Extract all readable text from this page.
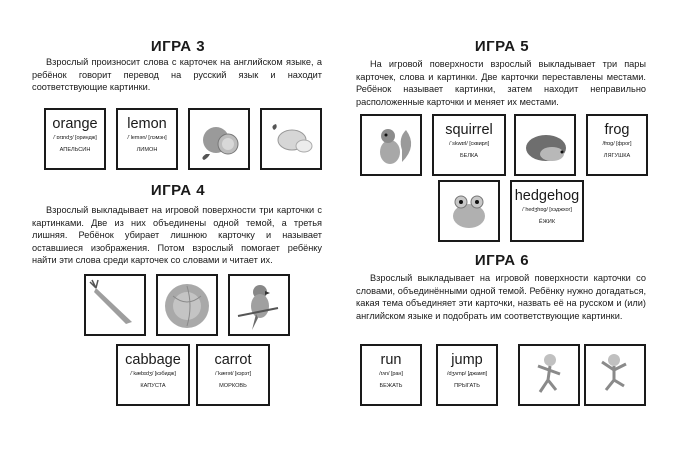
ИГРА 3
Взрослый произносит слова с карточек на английском языке, а ребёнок говорит перевод на русский язык и находит соответствующие картинки.
orange
/ˈɒrɪndʒ/ [ориндж]
АПЕЛЬСИН
lemon
/ˈlemən/ [лэмэн]
ЛИМОН
ИГРА 4
Взрослый выкладывает на игровой поверхности три карточки с картинками. Две из них объединены одной темой, а третья лишняя. Ребёнок убирает лишнюю карточку и называет оставшиеся изображения. Потом взрослый помогает ребёнку найти эти слова среди карточек со словами и читает их.
cabbage
/ˈkæbɪdʒ/ [кэбидж]
КАПУСТА
carrot
/ˈkærət/ [кэрэт]
МОРКОВЬ
ИГРА 5
На игровой поверхности взрослый выкладывает три пары карточек, слова и картинки. Две карточки переставлены местами. Ребёнок называет картинки, затем находит неправильно расположенные карточки и меняет их местами.
squirrel
/ˈskwɪrl/ [сквирл]
БЕЛКА
frog
/frɒɡ/ [фрог]
ЛЯГУШКА
hedgehog
/ˈhedʒhɒɡ/ [хэджхог]
ЁЖИК
ИГРА 6
Взрослый выкладывает на игровой поверхности карточки со словами, объединёнными одной темой. Ребёнку нужно догадаться, какая тема объединяет эти карточки, назвать её на русском и (или) английском языке и подобрать им соответствующие картинки.
run
/rʌn/ [ран]
БЕЖАТЬ
jump
/dʒʌmp/ [джамп]
ПРЫГАТЬ
